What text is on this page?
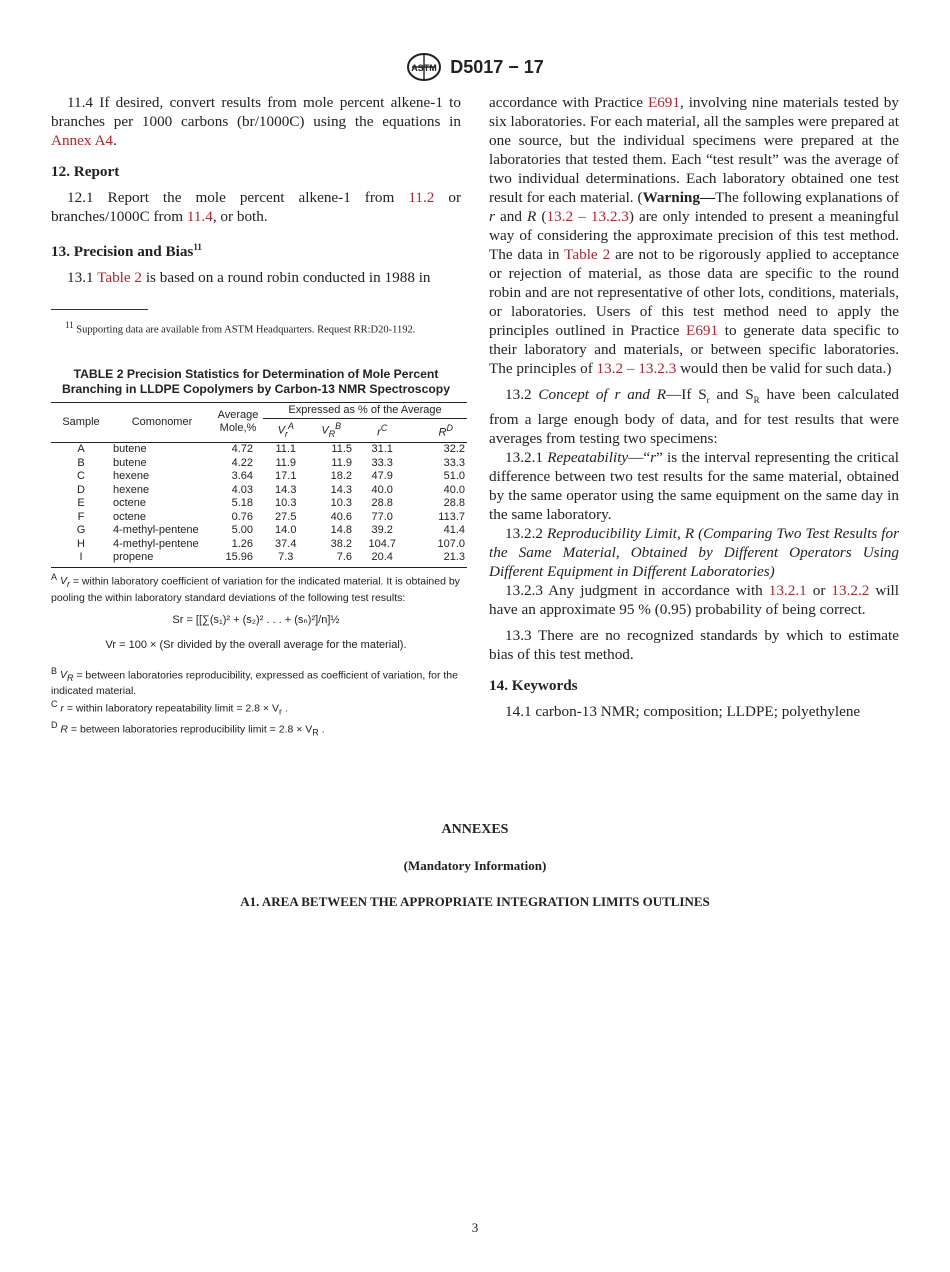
ASTM D5017 − 17

11.4 If desired, convert results from mole percent alkene-1 to branches per 1000 carbons (br/1000C) using the equations in Annex A4.

12. Report

12.1 Report the mole percent alkene-1 from 11.2 or branches/1000C from 11.4, or both.

13. Precision and Bias$^{11}$

13.1 Table 2 is based on a round robin conducted in 1988 in

$^{11}$ Supporting data are available from ASTM Headquarters. Request RR:D20-1192.

TABLE 2 Precision Statistics for Determination of Mole Percent Branching in LLDPE Copolymers by Carbon-13 NMR Spectroscopy
Sample	Comonomer	Average
Mole,%	Expressed as % of the Average			
			$V_r^A$	$V_R^B$	$r^C$	$R^D$
A	butene	4.72	11.1	11.5	31.1	32.2
B	butene	4.22	11.9	11.9	33.3	33.3
C	hexene	3.64	17.1	18.2	47.9	51.0
D	hexene	4.03	14.3	14.3	40.0	40.0
E	octene	5.18	10.3	10.3	28.8	28.8
F	octene	0.76	27.5	40.6	77.0	113.7
G	4-methyl-pentene	5.00	14.0	14.8	39.2	41.4
H	4-methyl-pentene	1.26	37.4	38.2	104.7	107.0
I	propene	15.96	7.3	7.6	20.4	21.3

$^A$ $V_r$ = within laboratory coefficient of variation for the indicated material. It is obtained by pooling the within laboratory standard deviations of the following test results:
Sr = [[∑(s₁)² + (s₂)² . . . + (sₙ)²]/n]½
Vr = 100 × (Sr divided by the overall average for the material).
$^B$ $V_R$ = between laboratories reproducibility, expressed as coefficient of variation, for the indicated material.
$^C$ r = within laboratory repeatability limit = $2.8 \times V_r$ .
$^D$ R = between laboratories reproducibility limit = $2.8 \times V_R$ .

accordance with Practice E691, involving nine materials tested by six laboratories. For each material, all the samples were prepared at one source, but the individual specimens were prepared at the laboratories that tested them. Each “test result” was the average of two individual determinations. Each laboratory obtained one test result for each material. (Warning—The following explanations of r and R (13.2 – 13.2.3) are only intended to present a meaningful way of considering the approximate precision of this test method. The data in Table 2 are not to be rigorously applied to acceptance or rejection of material, as those data are specific to the round robin and are not representative of other lots, conditions, materials, or laboratories. Users of this test method need to apply the principles outlined in Practice E691 to generate data specific to their laboratory and materials, or between specific laboratories. The principles of 13.2 – 13.2.3 would then be valid for such data.)

13.2 Concept of r and R—If $S_r$ and $S_R$ have been calculated from a large enough body of data, and for test results that were averages from testing two specimens:

13.2.1 Repeatability—“r” is the interval representing the critical difference between two test results for the same material, obtained by the same operator using the same equipment on the same day in the same laboratory.

13.2.2 Reproducibility Limit, R (Comparing Two Test Results for the Same Material, Obtained by Different Operators Using Different Equipment in Different Laboratories)

13.2.3 Any judgment in accordance with 13.2.1 or 13.2.2 will have an approximate 95 % (0.95) probability of being correct.

13.3 There are no recognized standards by which to estimate bias of this test method.

14. Keywords

14.1 carbon-13 NMR; composition; LLDPE; polyethylene

ANNEXES
(Mandatory Information)
A1. AREA BETWEEN THE APPROPRIATE INTEGRATION LIMITS OUTLINES
3
